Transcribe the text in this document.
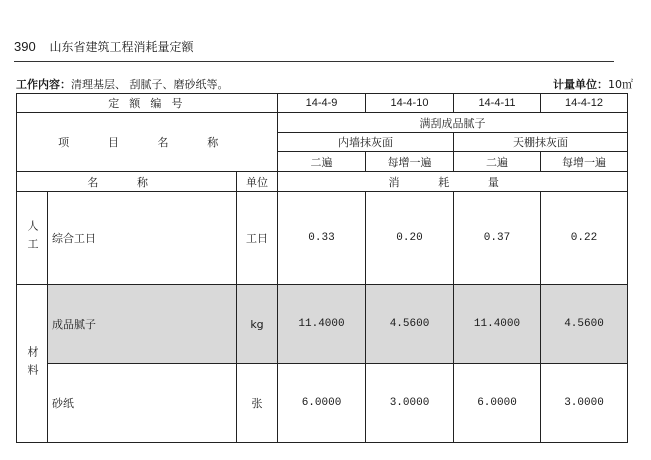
390 山东省建筑工程消耗量定额
工作内容：清理基层、 刮腻子、磨砂纸等。	计量单位：10㎡
定 额 编 号			14-4-9	14-4-10	14-4-11	14-4-12
项 目 名 称			满刮成品腻子			
			内墙抹灰面		天棚抹灰面	
			二遍	每增一遍	二遍	每增一遍
名 称		单位	消 耗 量			
人工	综合工日	工日	0.33	0.20	0.37	0.22
材料	成品腻子	kg	11.4000	4.5600	11.4000	4.5600
	砂纸	张	6.0000	3.0000	6.0000	3.0000
